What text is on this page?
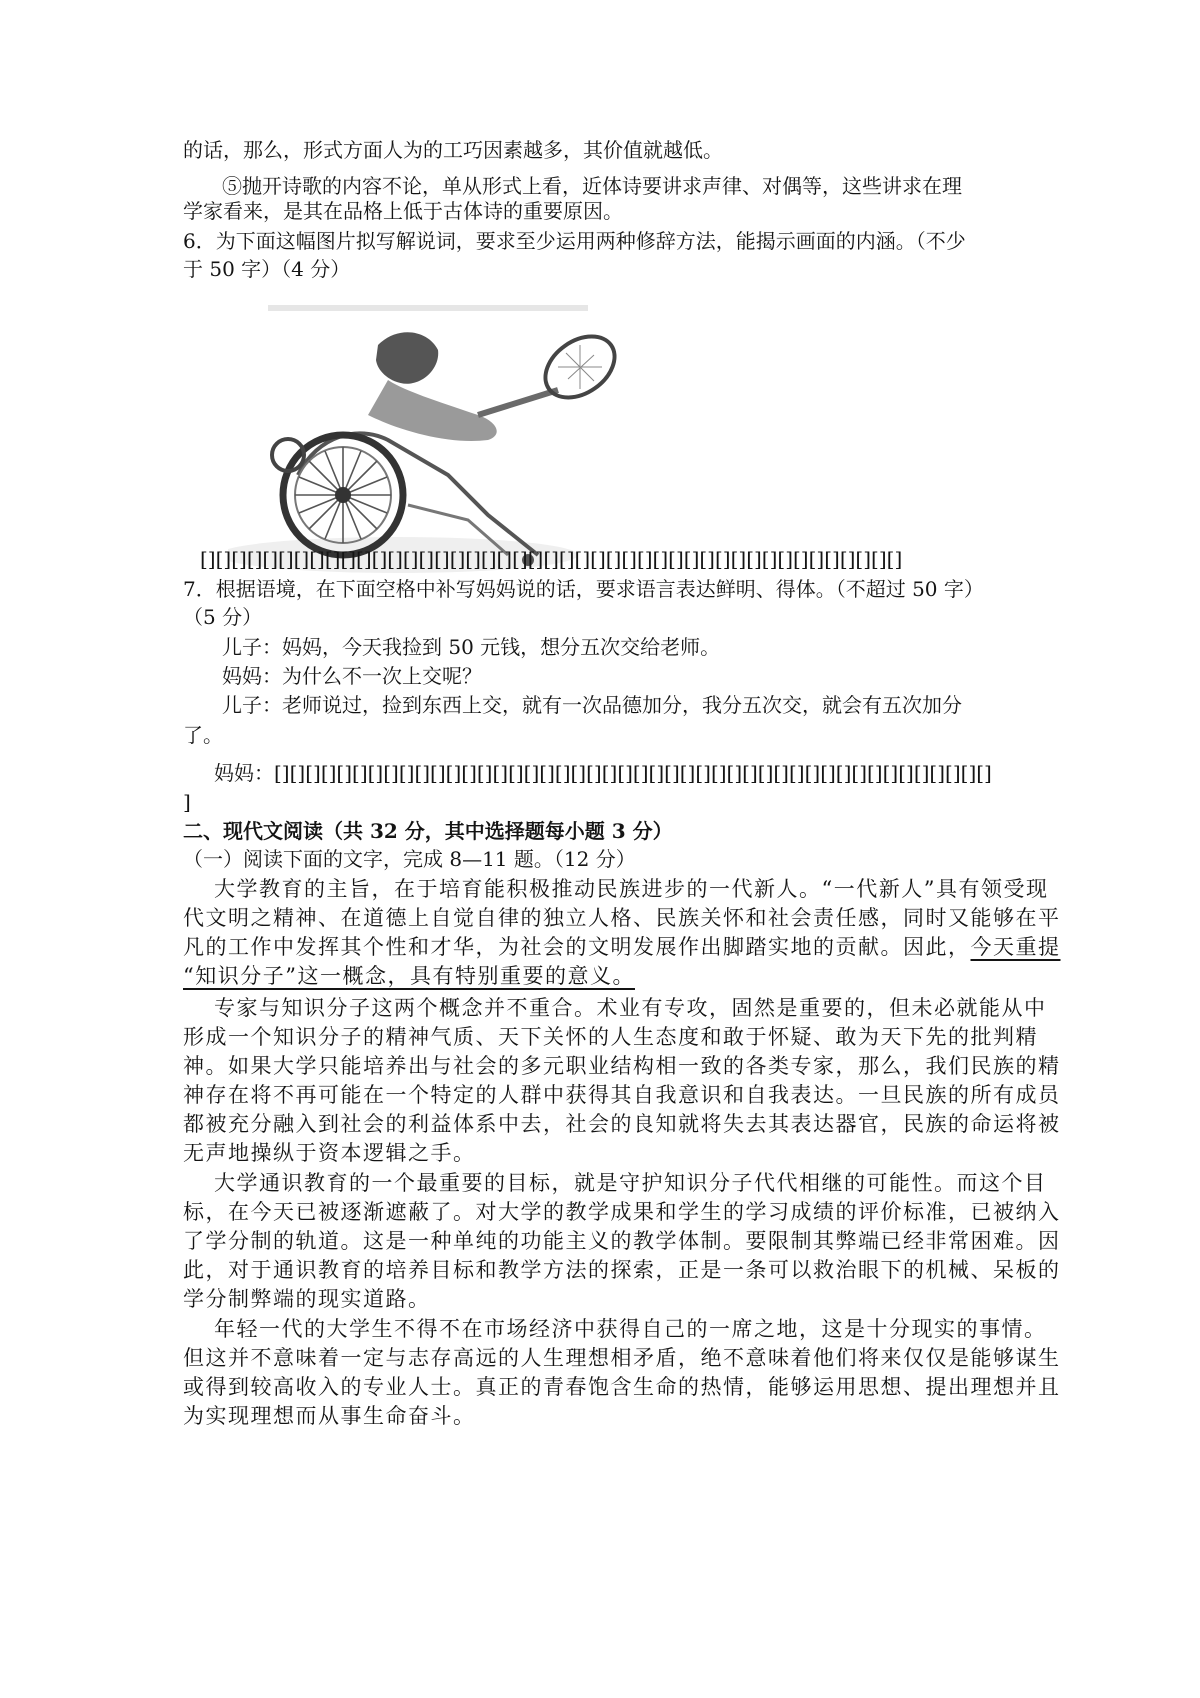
的话，那么，形式方面人为的工巧因素越多，其价值就越低。
⑤抛开诗歌的内容不论，单从形式上看，近体诗要讲求声律、对偶等，这些讲求在理
学家看来，是其在品格上低于古体诗的重要原因。
6．为下面这幅图片拟写解说词，要求至少运用两种修辞方法，能揭示画面的内涵。（不少
于 50 字）（4 分）
[][][][][][][][][][][][][][][][][][][][][][][][][][][][][][][][][][][][][][][][][][][][][]
7．根据语境，在下面空格中补写妈妈说的话，要求语言表达鲜明、得体。（不超过 50 字）
（5 分）
儿子：妈妈，今天我捡到 50 元钱，想分五次交给老师。
妈妈：为什么不一次上交呢？
儿子：老师说过，捡到东西上交，就有一次品德加分，我分五次交，就会有五次加分
了。
妈妈：[][][][][][][][][][][][][][][][][][][][][][][][][][][][][][][][][][][][][][][][][][][][][][]
]
二、现代文阅读（共 32 分，其中选择题每小题 3 分）
（一）阅读下面的文字，完成 8—11 题。（12 分）
大学教育的主旨，在于培育能积极推动民族进步的一代新人。“一代新人”具有领受现
代文明之精神、在道德上自觉自律的独立人格、民族关怀和社会责任感，同时又能够在平
凡的工作中发挥其个性和才华，为社会的文明发展作出脚踏实地的贡献。因此，今天重提
“知识分子”这一概念，具有特别重要的意义。
专家与知识分子这两个概念并不重合。术业有专攻，固然是重要的，但未必就能从中
形成一个知识分子的精神气质、天下关怀的人生态度和敢于怀疑、敢为天下先的批判精
神。如果大学只能培养出与社会的多元职业结构相一致的各类专家，那么，我们民族的精
神存在将不再可能在一个特定的人群中获得其自我意识和自我表达。一旦民族的所有成员
都被充分融入到社会的利益体系中去，社会的良知就将失去其表达器官，民族的命运将被
无声地操纵于资本逻辑之手。
大学通识教育的一个最重要的目标，就是守护知识分子代代相继的可能性。而这个目
标，在今天已被逐渐遮蔽了。对大学的教学成果和学生的学习成绩的评价标准，已被纳入
了学分制的轨道。这是一种单纯的功能主义的教学体制。要限制其弊端已经非常困难。因
此，对于通识教育的培养目标和教学方法的探索，正是一条可以救治眼下的机械、呆板的
学分制弊端的现实道路。
年轻一代的大学生不得不在市场经济中获得自己的一席之地，这是十分现实的事情。
但这并不意味着一定与志存高远的人生理想相矛盾，绝不意味着他们将来仅仅是能够谋生
或得到较高收入的专业人士。真正的青春饱含生命的热情，能够运用思想、提出理想并且
为实现理想而从事生命奋斗。
